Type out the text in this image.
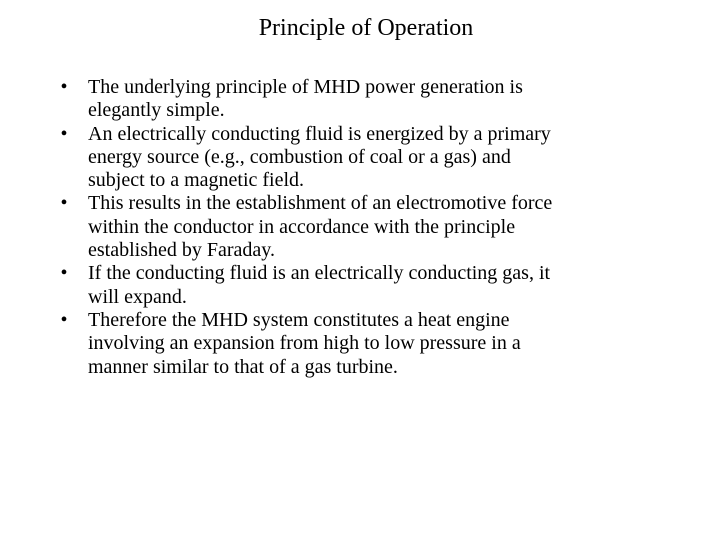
Principle of Operation
•	The underlying principle of MHD power generation is
elegantly simple.
•	An electrically conducting fluid is energized by a primary
energy source (e.g., combustion of coal or a gas) and
subject to a magnetic field.
•	This results in the establishment of an electromotive force
within the conductor in accordance with the principle
established by Faraday.
•	If the conducting fluid is an electrically conducting gas, it
will expand.
•	Therefore the MHD system constitutes a heat engine
involving an expansion from high to low pressure in a
manner similar to that of a gas turbine.
